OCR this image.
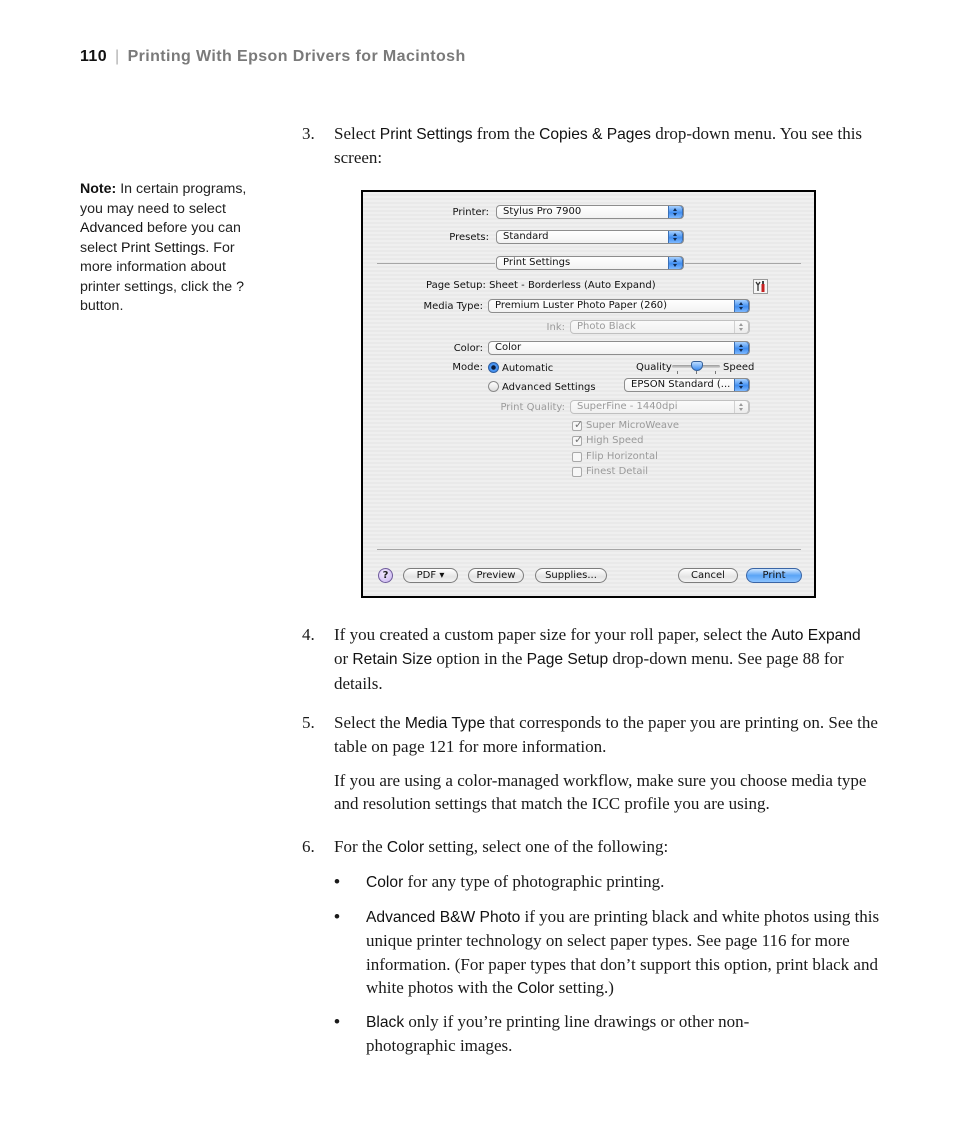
110 | Printing With Epson Drivers for Macintosh
Note: In certain programs, you may need to select Advanced before you can select Print Settings. For more information about printer settings, click the ? button.
3. Select Print Settings from the Copies & Pages drop-down menu. You see this screen:
Printer:	Stylus Pro 7900
Presets:	Standard
Print Settings
Page Setup: Sheet - Borderless (Auto Expand)
Media Type:	Premium Luster Photo Paper (260)
Ink:	Photo Black
Color:	Color
Mode: Automatic
Advanced Settings
Quality	Speed
EPSON Standard (...
Print Quality:	SuperFine - 1440dpi
✓ Super MicroWeave
✓ High Speed
Flip Horizontal
Finest Detail
?	PDF ▾	Preview	Supplies...	Cancel	Print
4. If you created a custom paper size for your roll paper, select the Auto Expand or Retain Size option in the Page Setup drop-down menu. See page 88 for details.
5. Select the Media Type that corresponds to the paper you are printing on. See the table on page 121 for more information.
If you are using a color-managed workflow, make sure you choose media type and resolution settings that match the ICC profile you are using.
6. For the Color setting, select one of the following:
• Color for any type of photographic printing.
• Advanced B&W Photo if you are printing black and white photos using this unique printer technology on select paper types. See page 116 for more information. (For paper types that don’t support this option, print black and white photos with the Color setting.)
• Black only if you’re printing line drawings or other non-photographic images.
